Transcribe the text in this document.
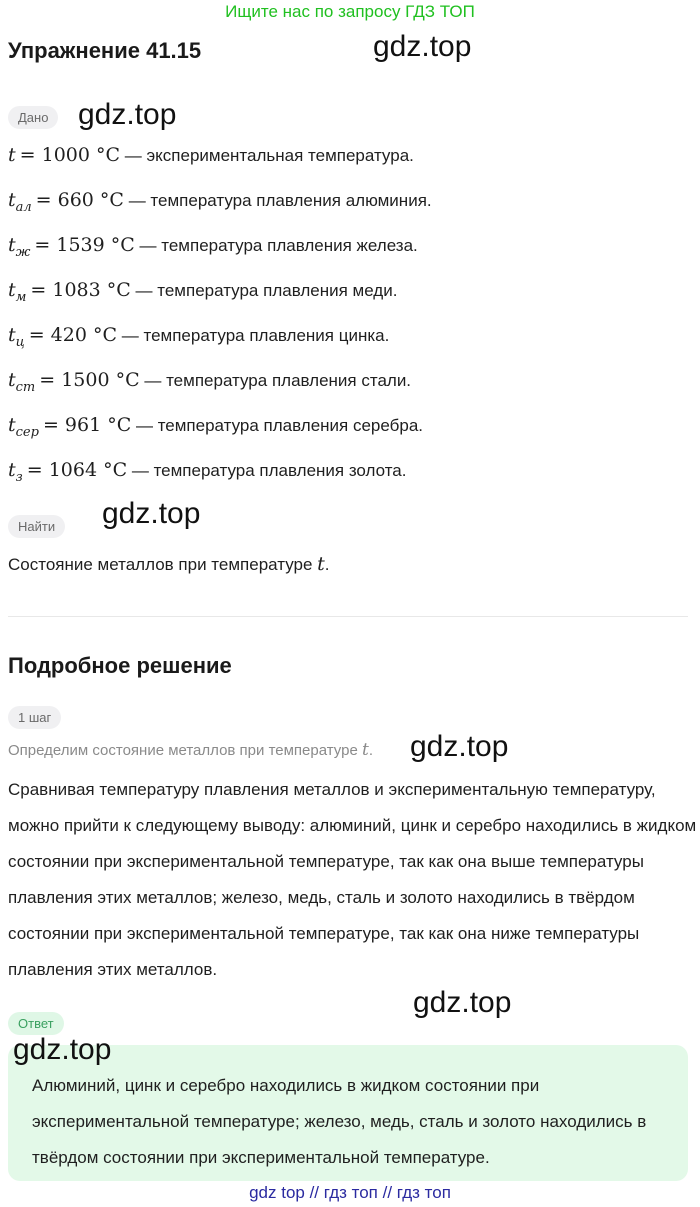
Ищите нас по запросу ГДЗ ТОП
Упражнение 41.15	gdz.top
Дано gdz.top
t = 1000 °C — экспериментальная температура.
$t_{ал} = 660$ °C — температура плавления алюминия.
$t_ж = 1539$ °C — температура плавления железа.
$t_м = 1083$ °C — температура плавления меди.
$t_ц = 420$ °C — температура плавления цинка.
$t_{ст} = 1500$ °C — температура плавления стали.
$t_{сер} = 961$ °C — температура плавления серебра.
$t_з = 1064$ °C — температура плавления золота.
Найти	gdz.top
Состояние металлов при температуре t.
Подробное решение
1 шаг
Определим состояние металлов при температуре t. gdz.top
Сравнивая температуру плавления металлов и экспериментальную температуру, можно прийти к следующему выводу: алюминий, цинк и серебро находились в жидком состоянии при экспериментальной температуре, так как она выше температуры плавления этих металлов; железо, медь, сталь и золото находились в твёрдом состоянии при экспериментальной температуре, так как она ниже температуры плавления этих металлов.
gdz.top
Ответ
gdz.top
Алюминий, цинк и серебро находились в жидком состоянии при экспериментальной температуре; железо, медь, сталь и золото находились в твёрдом состоянии при экспериментальной температуре.
gdz top // гдз топ // гдз топ
